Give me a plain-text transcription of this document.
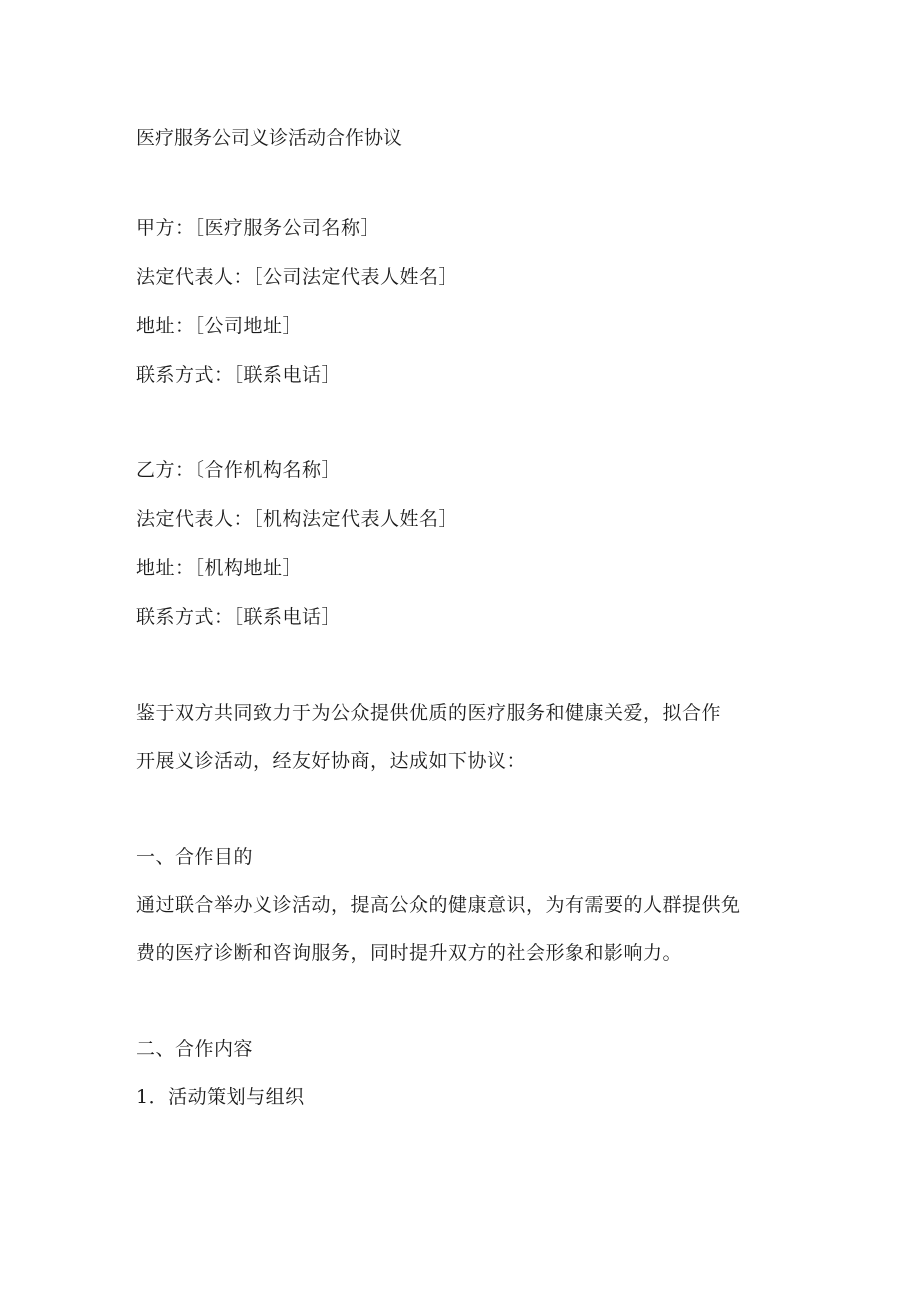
医疗服务公司义诊活动合作协议
甲方：［医疗服务公司名称］
法定代表人：［公司法定代表人姓名］
地址：［公司地址］
联系方式：［联系电话］
乙方：〔合作机构名称］
法定代表人：［机构法定代表人姓名］
地址：［机构地址］
联系方式：［联系电话］
鉴于双方共同致力于为公众提供优质的医疗服务和健康关爱，拟合作
开展义诊活动，经友好协商，达成如下协议：
一、合作目的
通过联合举办义诊活动，提高公众的健康意识，为有需要的人群提供免
费的医疗诊断和咨询服务，同时提升双方的社会形象和影响力。
二、合作内容
1．活动策划与组织
